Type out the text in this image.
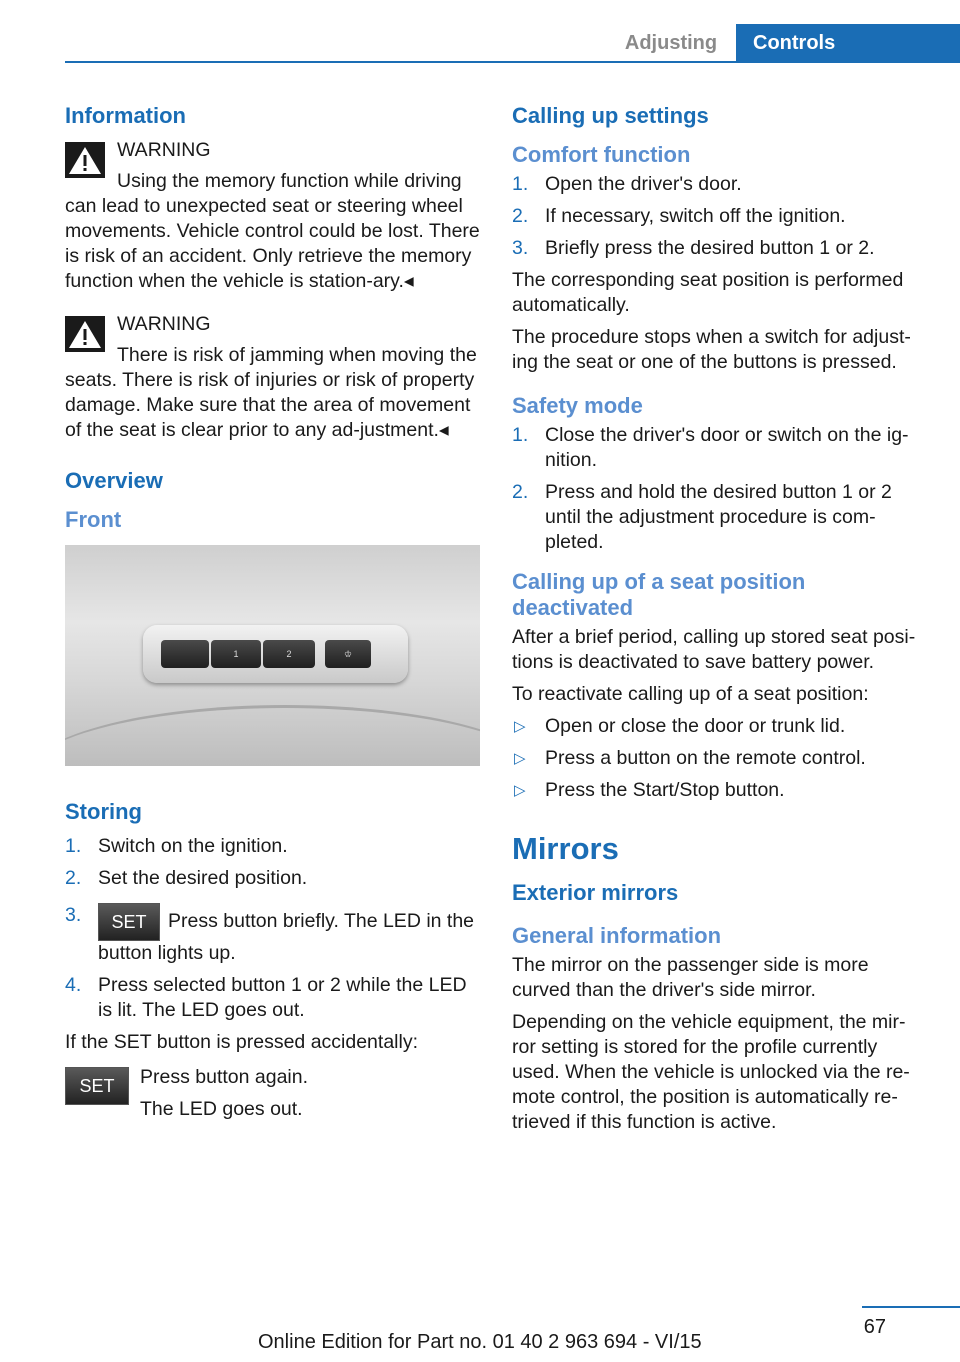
Adjusting	Controls
Information
WARNING

Using the memory function while driving can lead to unexpected seat or steering wheel movements. Vehicle control could be lost. There is risk of an accident. Only retrieve the memory function when the vehicle is station-ary.◂

WARNING

There is risk of jamming when moving the seats. There is risk of injuries or risk of property damage. Make sure that the area of movement of the seat is clear prior to any ad-justment.◂

Overview
Front
1	2	♔
Storing
1. Switch on the ignition.
2. Set the desired position.
3. SET Press button briefly. The LED in the button lights up.
4. Press selected button 1 or 2 while the LED is lit. The LED goes out.

If the SET button is pressed accidentally:

SET	Press button again.

The LED goes out.

Calling up settings
Comfort function
1. Open the driver's door.
2. If necessary, switch off the ignition.
3. Briefly press the desired button 1 or 2.

The corresponding seat position is performed automatically.

The procedure stops when a switch for adjust-ing the seat or one of the buttons is pressed.

Safety mode
1. Close the driver's door or switch on the ig-nition.
2. Press and hold the desired button 1 or 2 until the adjustment procedure is com-pleted.
Calling up of a seat position deactivated

After a brief period, calling up stored seat posi-tions is deactivated to save battery power.

To reactivate calling up of a seat position:

▷ Open or close the door or trunk lid.
▷ Press a button on the remote control.
▷ Press the Start/Stop button.
Mirrors
Exterior mirrors
General information

The mirror on the passenger side is more curved than the driver's side mirror.

Depending on the vehicle equipment, the mir-ror setting is stored for the profile currently used. When the vehicle is unlocked via the re-mote control, the position is automatically re-trieved if this function is active.

67
Online Edition for Part no. 01 40 2 963 694 - VI/15
